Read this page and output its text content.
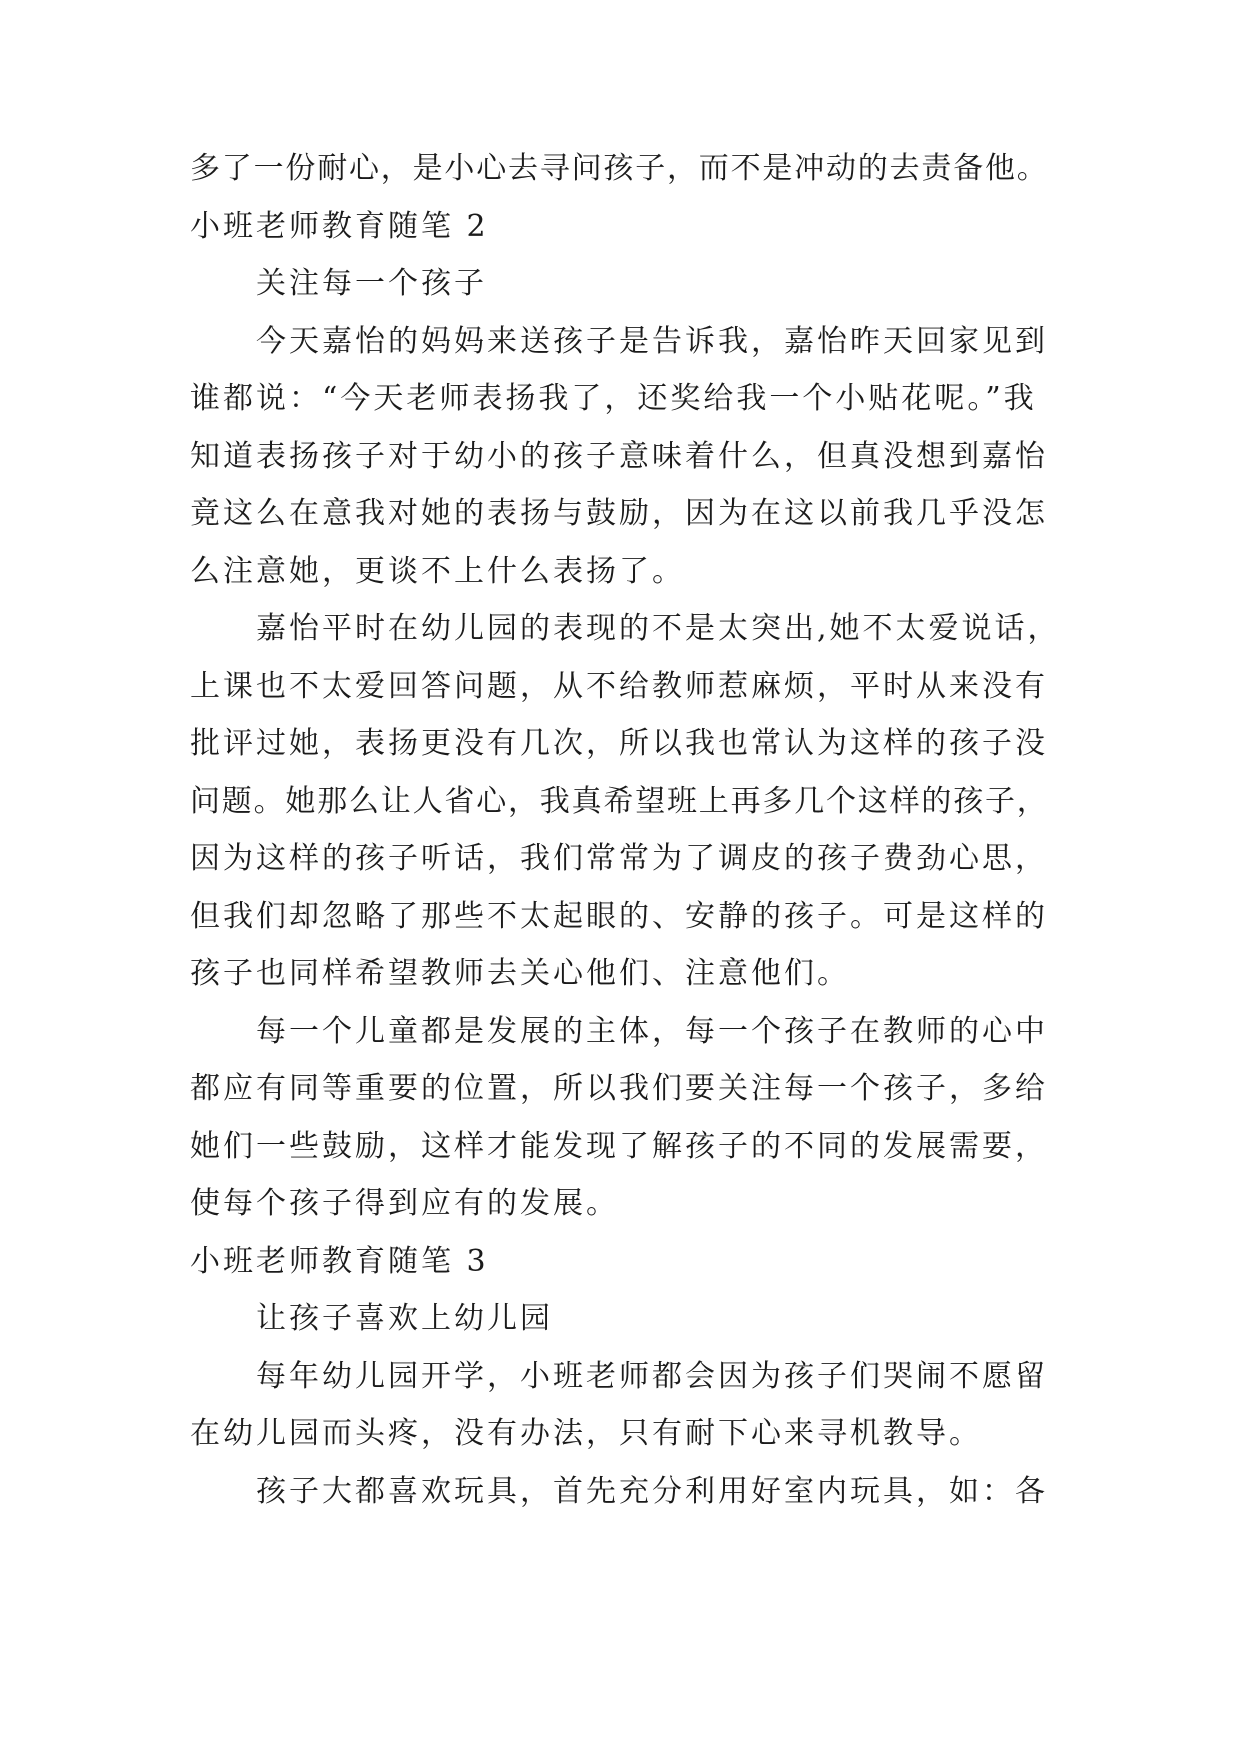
多了一份耐心，是小心去寻问孩子，而不是冲动的去责备他。
小班老师教育随笔 2
关注每一个孩子
今天嘉怡的妈妈来送孩子是告诉我，嘉怡昨天回家见到
谁都说：“今天老师表扬我了，还奖给我一个小贴花呢。”我
知道表扬孩子对于幼小的孩子意味着什么，但真没想到嘉怡
竟这么在意我对她的表扬与鼓励，因为在这以前我几乎没怎
么注意她，更谈不上什么表扬了。
嘉怡平时在幼儿园的表现的不是太突出,她不太爱说话，
上课也不太爱回答问题，从不给教师惹麻烦，平时从来没有
批评过她，表扬更没有几次，所以我也常认为这样的孩子没
问题。她那么让人省心，我真希望班上再多几个这样的孩子，
因为这样的孩子听话，我们常常为了调皮的孩子费劲心思，
但我们却忽略了那些不太起眼的、安静的孩子。可是这样的
孩子也同样希望教师去关心他们、注意他们。
每一个儿童都是发展的主体，每一个孩子在教师的心中
都应有同等重要的位置，所以我们要关注每一个孩子，多给
她们一些鼓励，这样才能发现了解孩子的不同的发展需要，
使每个孩子得到应有的发展。
小班老师教育随笔 3
让孩子喜欢上幼儿园
每年幼儿园开学，小班老师都会因为孩子们哭闹不愿留
在幼儿园而头疼，没有办法，只有耐下心来寻机教导。
孩子大都喜欢玩具，首先充分利用好室内玩具，如：各
